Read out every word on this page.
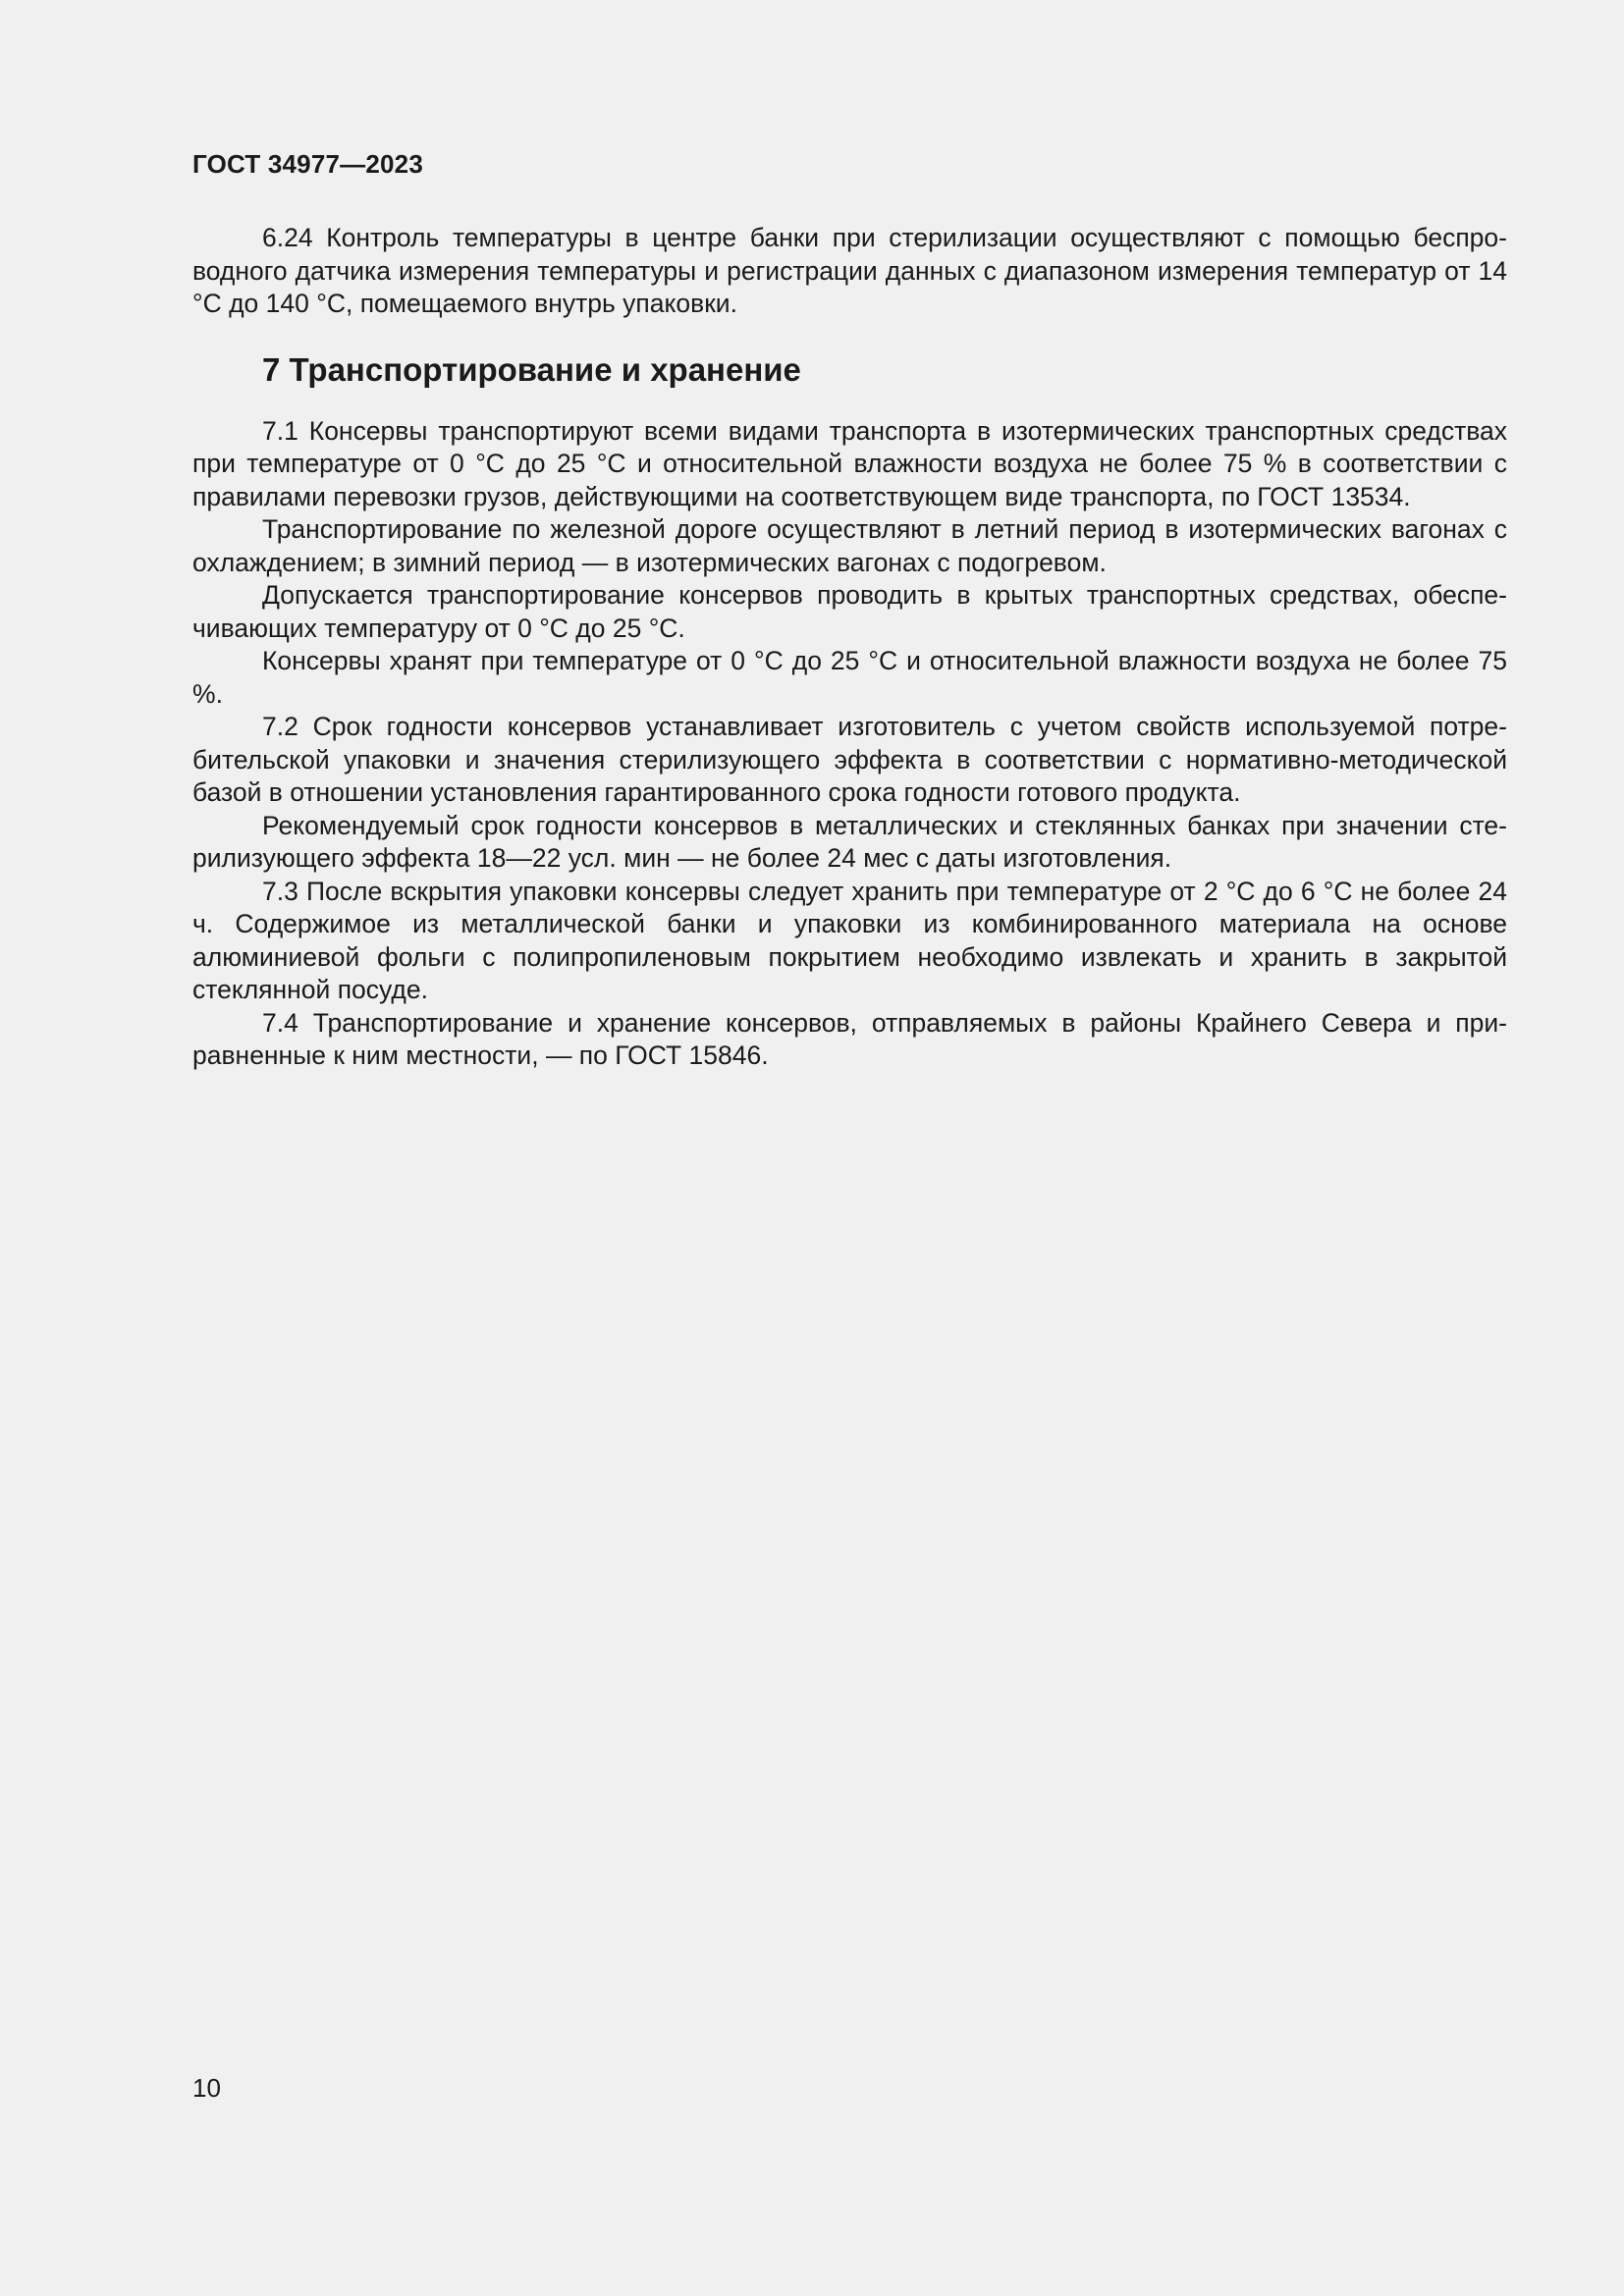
ГОСТ 34977—2023

6.24 Контроль температуры в центре банки при стерилизации осуществляют с помощью беспроводного датчика измерения температуры и регистрации данных с диапазоном измерения температур от 14 °С до 140 °С, помещаемого внутрь упаковки.

7 Транспортирование и хранение

7.1 Консервы транспортируют всеми видами транспорта в изотермических транспортных средствах при температуре от 0 °С до 25 °С и относительной влажности воздуха не более 75 % в соответствии с правилами перевозки грузов, действующими на соответствующем виде транспорта, по ГОСТ 13534.

Транспортирование по железной дороге осуществляют в летний период в изотермических вагонах с охлаждением; в зимний период — в изотермических вагонах с подогревом.

Допускается транспортирование консервов проводить в крытых транспортных средствах, обеспечивающих температуру от 0 °С до 25 °С.

Консервы хранят при температуре от 0 °С до 25 °С и относительной влажности воздуха не более 75 %.

7.2 Срок годности консервов устанавливает изготовитель с учетом свойств используемой потребительской упаковки и значения стерилизующего эффекта в соответствии с нормативно-методической базой в отношении установления гарантированного срока годности готового продукта.

Рекомендуемый срок годности консервов в металлических и стеклянных банках при значении стерилизующего эффекта 18—22 усл. мин — не более 24 мес с даты изготовления.

7.3 После вскрытия упаковки консервы следует хранить при температуре от 2 °С до 6 °С не более 24 ч. Содержимое из металлической банки и упаковки из комбинированного материала на основе алюминиевой фольги с полипропиленовым покрытием необходимо извлекать и хранить в закрытой стеклянной посуде.

7.4 Транспортирование и хранение консервов, отправляемых в районы Крайнего Севера и приравненные к ним местности, — по ГОСТ 15846.

10
